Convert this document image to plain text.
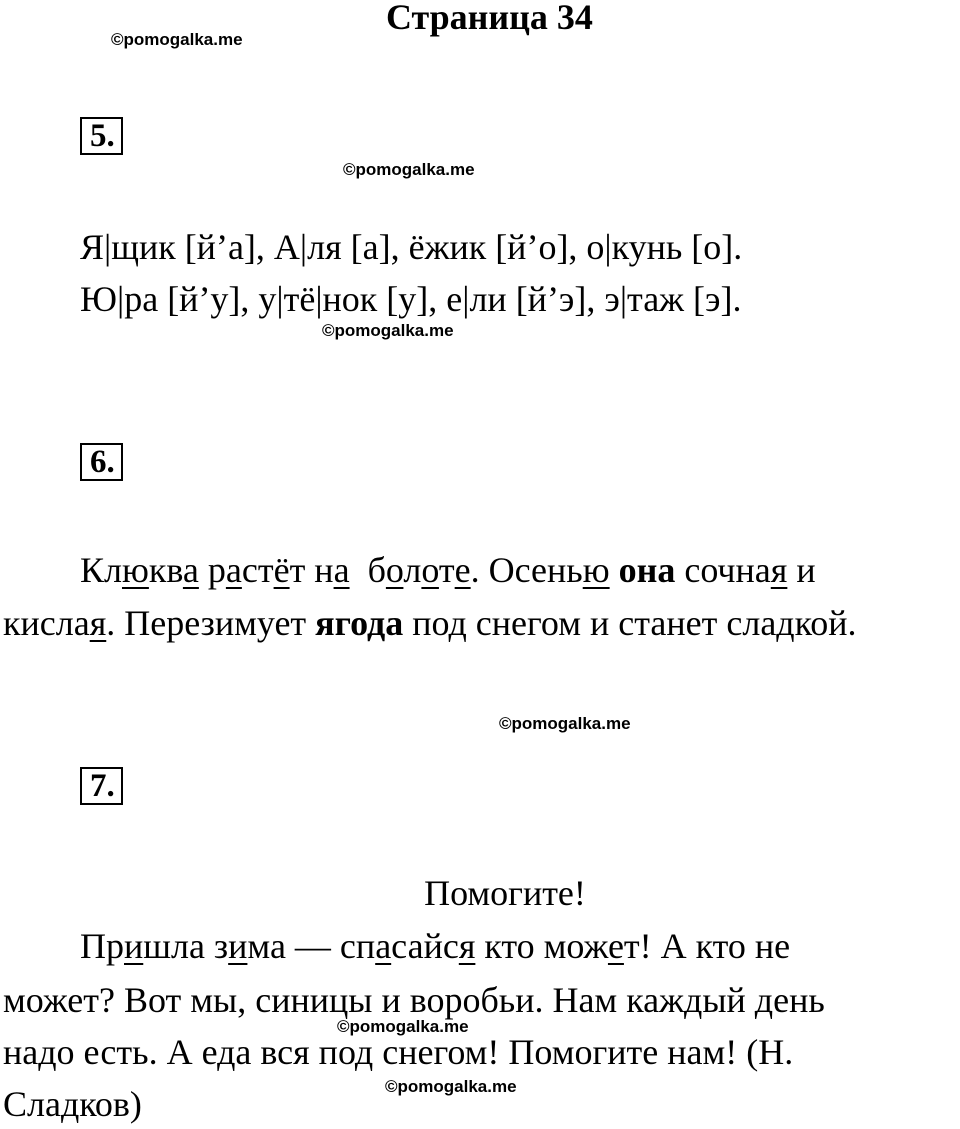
Страница 34
©pomogalka.me
©pomogalka.me
©pomogalka.me
©pomogalka.me
©pomogalka.me
©pomogalka.me
5.
Я|щик [й’а], А|ля [а], ёжик [й’о], о|кунь [о].
Ю|ра [й’у], у|тё|нок [у], е|ли [й’э], э|таж [э].
6.
Клюква растёт на  болоте. Осенью она сочная и
кислая. Перезимует ягода под снегом и станет сладкой.
7.
Помогите!
Пришла зима — спасайся кто может! А кто не
может? Вот мы, синицы и воробьи. Нам каждый день
надо есть. А еда вся под снегом! Помогите нам! (Н.
Сладков)
